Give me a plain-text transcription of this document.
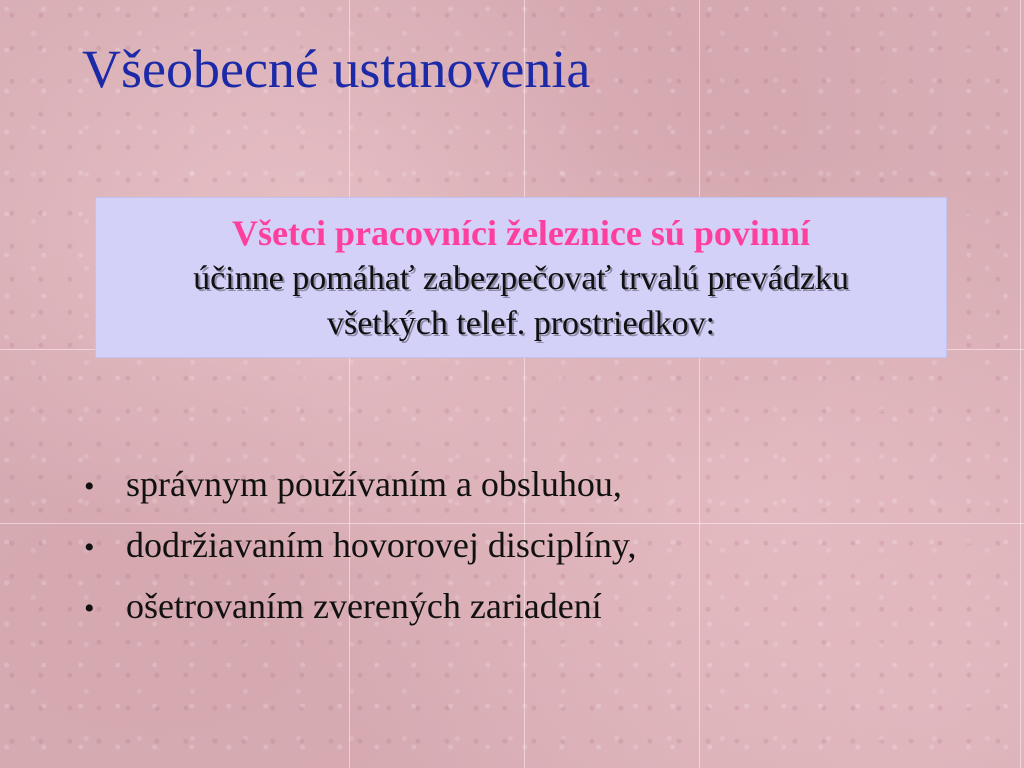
Všeobecné ustanovenia
Všetci pracovníci železnice sú povinní
účinne pomáhať zabezpečovať trvalú prevádzku
všetkých telef. prostriedkov:
• správnym používaním a obsluhou,
• dodržiavaním hovorovej disciplíny,
• ošetrovaním zverených zariadení
